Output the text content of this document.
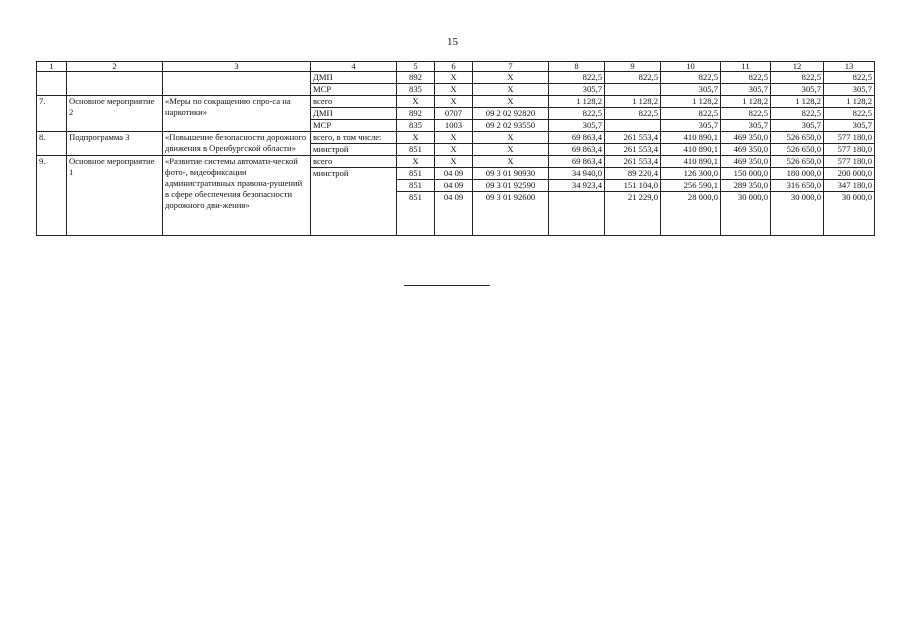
15
1	2	3	4	5	6	7	8	9	10	11	12	13
			ДМП	892	X	X	822,5	822,5	822,5	822,5	822,5	822,5
			МСР	835	X	X	305,7		305,7	305,7	305,7	305,7
7.	Основное мероприятие 2	«Меры по сокращению спро-са на наркотики»	всего	X	X	X	1 128,2	1 128,2	1 128,2	1 128,2	1 128,2	1 128,2
			ДМП	892	0707	09 2 02 92820	822,5	822,5	822,5	822,5	822,5	822,5
			МСР	835	1003	09 2 02 93550	305,7		305,7	305,7	305,7	305,7
8.	Подпрограмма 3	«Повышение безопасности дорожного движения в Оренбургской области»	всего, в том числе:	X	X	X	69 863,4	261 553,4	410 890,1	469 350,0	526 650,0	577 180,0
			минстрой	851	X	X	69 863,4	261 553,4	410 890,1	469 350,0	526 650,0	577 180,0
9.	Основное мероприятие 1	«Развитие системы автомати-ческой фото-, видеофиксации административных правона-рушений в сфере обеспечения безопасности дорожного дви-жения»	всего	X	X	X	69 863,4	261 553,4	410 890,1	469 350,0	526 650,0	577 180,0
			минстрой	851	04 09	09 3 01 90930	34 940,0	89 220,4	126 300,0	150 000,0	180 000,0	200 000,0
				851	04 09	09 3 01 92590	34 923,4	151 104,0	256 590,1	289 350,0	316 650,0	347 180,0
				851	04 09	09 3 01 92600		21 229,0	28 000,0	30 000,0	30 000,0	30 000,0
